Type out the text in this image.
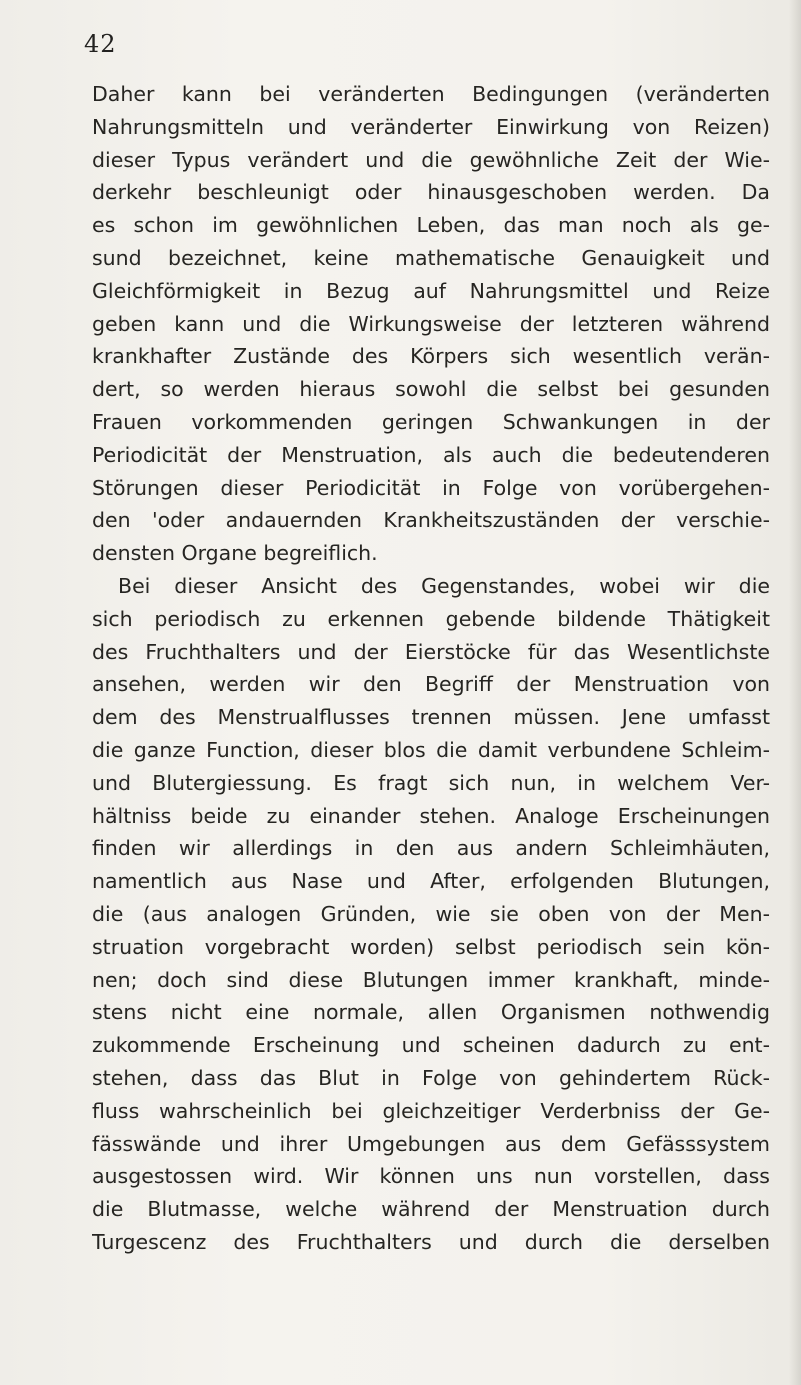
42
Daher kann bei veränderten Bedingungen (veränderten
Nahrungsmitteln und veränderter Einwirkung von Reizen)
dieser Typus verändert und die gewöhnliche Zeit der Wie-
derkehr beschleunigt oder hinausgeschoben werden. Da
es schon im gewöhnlichen Leben, das man noch als ge-
sund bezeichnet, keine mathematische Genauigkeit und
Gleichförmigkeit in Bezug auf Nahrungsmittel und Reize
geben kann und die Wirkungsweise der letzteren während
krankhafter Zustände des Körpers sich wesentlich verän-
dert, so werden hieraus sowohl die selbst bei gesunden
Frauen vorkommenden geringen Schwankungen in der
Periodicität der Menstruation, als auch die bedeutenderen
Störungen dieser Periodicität in Folge von vorübergehen-
den 'oder andauernden Krankheitszuständen der verschie-
densten Organe begreiflich.
Bei dieser Ansicht des Gegenstandes, wobei wir die
sich periodisch zu erkennen gebende bildende Thätigkeit
des Fruchthalters und der Eierstöcke für das Wesentlichste
ansehen, werden wir den Begriff der Menstruation von
dem des Menstrualflusses trennen müssen. Jene umfasst
die ganze Function, dieser blos die damit verbundene Schleim-
und Blutergiessung. Es fragt sich nun, in welchem Ver-
hältniss beide zu einander stehen. Analoge Erscheinungen
finden wir allerdings in den aus andern Schleimhäuten,
namentlich aus Nase und After, erfolgenden Blutungen,
die (aus analogen Gründen, wie sie oben von der Men-
struation vorgebracht worden) selbst periodisch sein kön-
nen; doch sind diese Blutungen immer krankhaft, minde-
stens nicht eine normale, allen Organismen nothwendig
zukommende Erscheinung und scheinen dadurch zu ent-
stehen, dass das Blut in Folge von gehindertem Rück-
fluss wahrscheinlich bei gleichzeitiger Verderbniss der Ge-
fässwände und ihrer Umgebungen aus dem Gefässsystem
ausgestossen wird. Wir können uns nun vorstellen, dass
die Blutmasse, welche während der Menstruation durch
Turgescenz des Fruchthalters und durch die derselben
